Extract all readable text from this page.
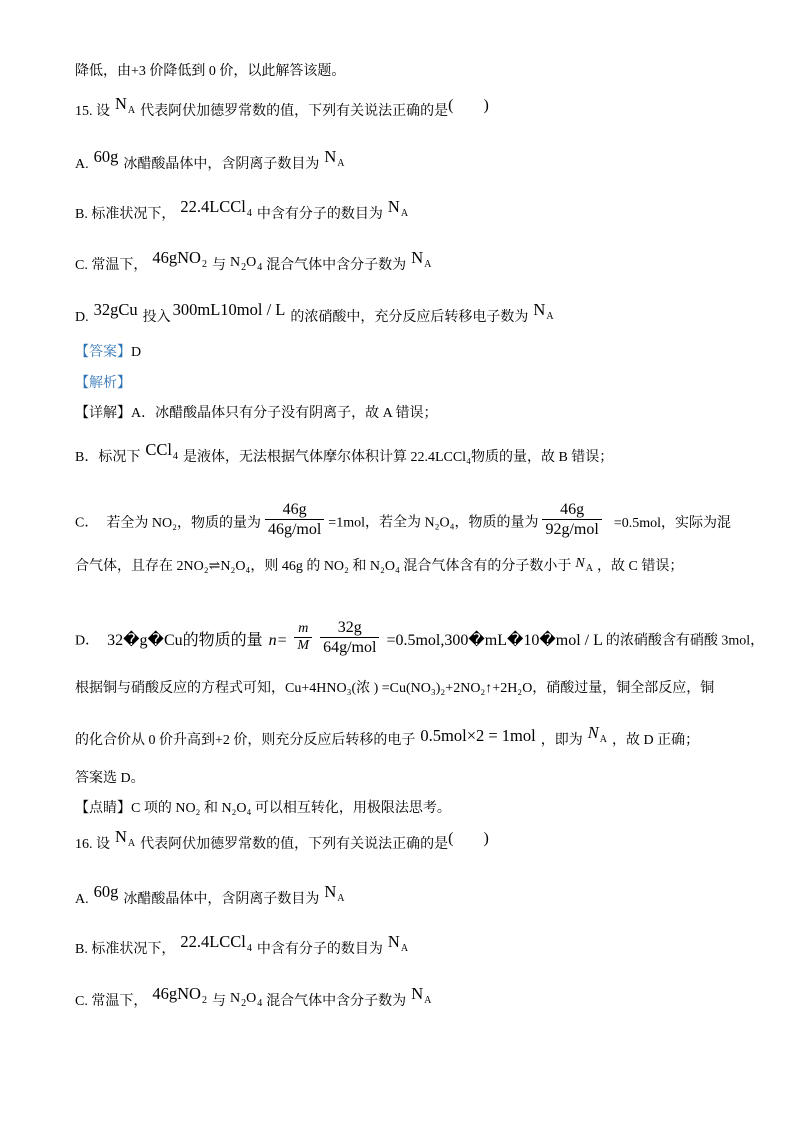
降低，由+3 价降低到 0 价，以此解答该题。
15. 设 $N_A$ 代表阿伏加德罗常数的值，下列有关说法正确的是( )
A. 60g 冰醋酸晶体中，含阴离子数目为 $N_A$
B. 标准状况下， 22.4LCCl$_4$ 中含有分子的数目为 $N_A$
C. 常温下， 46gNO$_2$ 与 $N_2O_4$ 混合气体中含分子数为 $N_A$
D. 32gCu 投入 300mL10mol / L 的浓硝酸中，充分反应后转移电子数为 $N_A$
【答案】D
【解析】
【详解】A．冰醋酸晶体只有分子没有阴离子，故 A 错误；
B．标况下 CCl$_4$ 是液体，无法根据气体摩尔体积计算 22.4LCCl₄物质的量，故 B 错误；
C． 若全为 NO₂，物质的量为 $\frac{46g}{\text{46g/mol}} =1mol$，若全为 N₂O₄，物质的量为 $\frac{46g}{\text{92g/mol}} =0.5mol$，实际为混
合气体，且存在 2NO₂⇌N₂O₄，则 46g 的 NO₂ 和 N₂O₄ 混合气体含有的分子数小于 $N_A$ ，故 C 错误；
D． 32�g�Cu的物质的量 $n= \frac{m}{M} \frac{32g}{\text{64g/mol}}$ =0.5mol,300�mL�10�mol / L 的浓硝酸含有硝酸 3mol，
根据铜与硝酸反应的方程式可知，Cu+4HNO₃(浓 ) =Cu(NO₃)₂+2NO₂↑+2H₂O，硝酸过量，铜全部反应，铜
的化合价从 0 价升高到+2 价，则充分反应后转移的电子 0.5mol×2 = 1mol ，即为 $N_A$ ，故 D 正确；
答案选 D。
【点睛】C 项的 NO₂ 和 N₂O₄ 可以相互转化，用极限法思考。
16. 设 $N_A$ 代表阿伏加德罗常数的值，下列有关说法正确的是( )
A. 60g 冰醋酸晶体中，含阴离子数目为 $N_A$
B. 标准状况下， 22.4LCCl$_4$ 中含有分子的数目为 $N_A$
C. 常温下， 46gNO$_2$ 与 $N_2O_4$ 混合气体中含分子数为 $N_A$
